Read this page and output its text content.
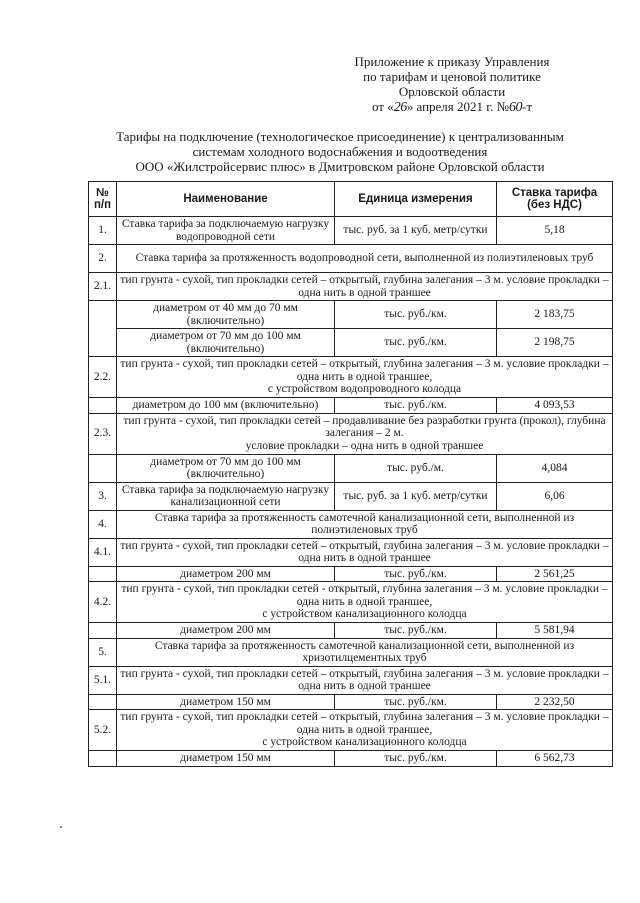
Приложение к приказу Управления
по тарифам и ценовой политике
Орловской области
от «26» апреля 2021 г. №60-т
Тарифы на подключение (технологическое присоединение) к централизованным
системам холодного водоснабжения и водоотведения
ООО «Жилстройсервис плюс» в Дмитровском районе Орловской области
№ п/п	Наименование	Единица измерения	Ставка тарифа (без НДС)
1.	Ставка тарифа за подключаемую нагрузку водопроводной сети	тыс. руб. за 1 куб. метр/сутки	5,18
2.	Ставка тарифа за протяженность водопроводной сети, выполненной из полиэтиленовых труб		
2.1.	тип грунта - сухой, тип прокладки сетей – открытый, глубина залегания – 3 м. условие прокладки – одна нить в одной траншее		
	диаметром от 40 мм до 70 мм (включительно)	тыс. руб./км.	2 183,75
	диаметром от 70 мм до 100 мм (включительно)	тыс. руб./км.	2 198,75
2.2.	тип грунта - сухой, тип прокладки сетей – открытый, глубина залегания – 3 м. условие прокладки – одна нить в одной траншее,
с устройством водопроводного колодца		
	диаметром до 100 мм (включительно)	тыс. руб./км.	4 093,53
2.3.	тип грунта - сухой, тип прокладки сетей – продавливание без разработки грунта (прокол), глубина залегания – 2 м.
условие прокладки – одна нить в одной траншее		
	диаметром от 70 мм до 100 мм (включительно)	тыс. руб./м.	4,084
3.	Ставка тарифа за подключаемую нагрузку канализационной сети	тыс. руб. за 1 куб. метр/сутки	6,06
4.	Ставка тарифа за протяженность самотечной канализационной сети, выполненной из полиэтиленовых труб		
4.1.	тип грунта - сухой, тип прокладки сетей – открытый, глубина залегания – 3 м. условие прокладки – одна нить в одной траншее		
	диаметром 200 мм	тыс. руб./км.	2 561,25
4.2.	тип грунта - сухой, тип прокладки сетей - открытый, глубина залегания – 3 м. условие прокладки – одна нить в одной траншее,
с устройством канализационного колодца		
	диаметром 200 мм	тыс. руб./км.	5 581,94
5.	Ставка тарифа за протяженность самотечной канализационной сети, выполненной из хризотилцементных труб		
5.1.	тип грунта - сухой, тип прокладки сетей – открытый, глубина залегания – 3 м. условие прокладки – одна нить в одной траншее		
	диаметром 150 мм	тыс. руб./км.	2 232,50
5.2.	тип грунта - сухой, тип прокладки сетей – открытый, глубина залегания – 3 м. условие прокладки – одна нить в одной траншее,
с устройством канализационного колодца		
	диаметром 150 мм	тыс. руб./км.	6 562,73
